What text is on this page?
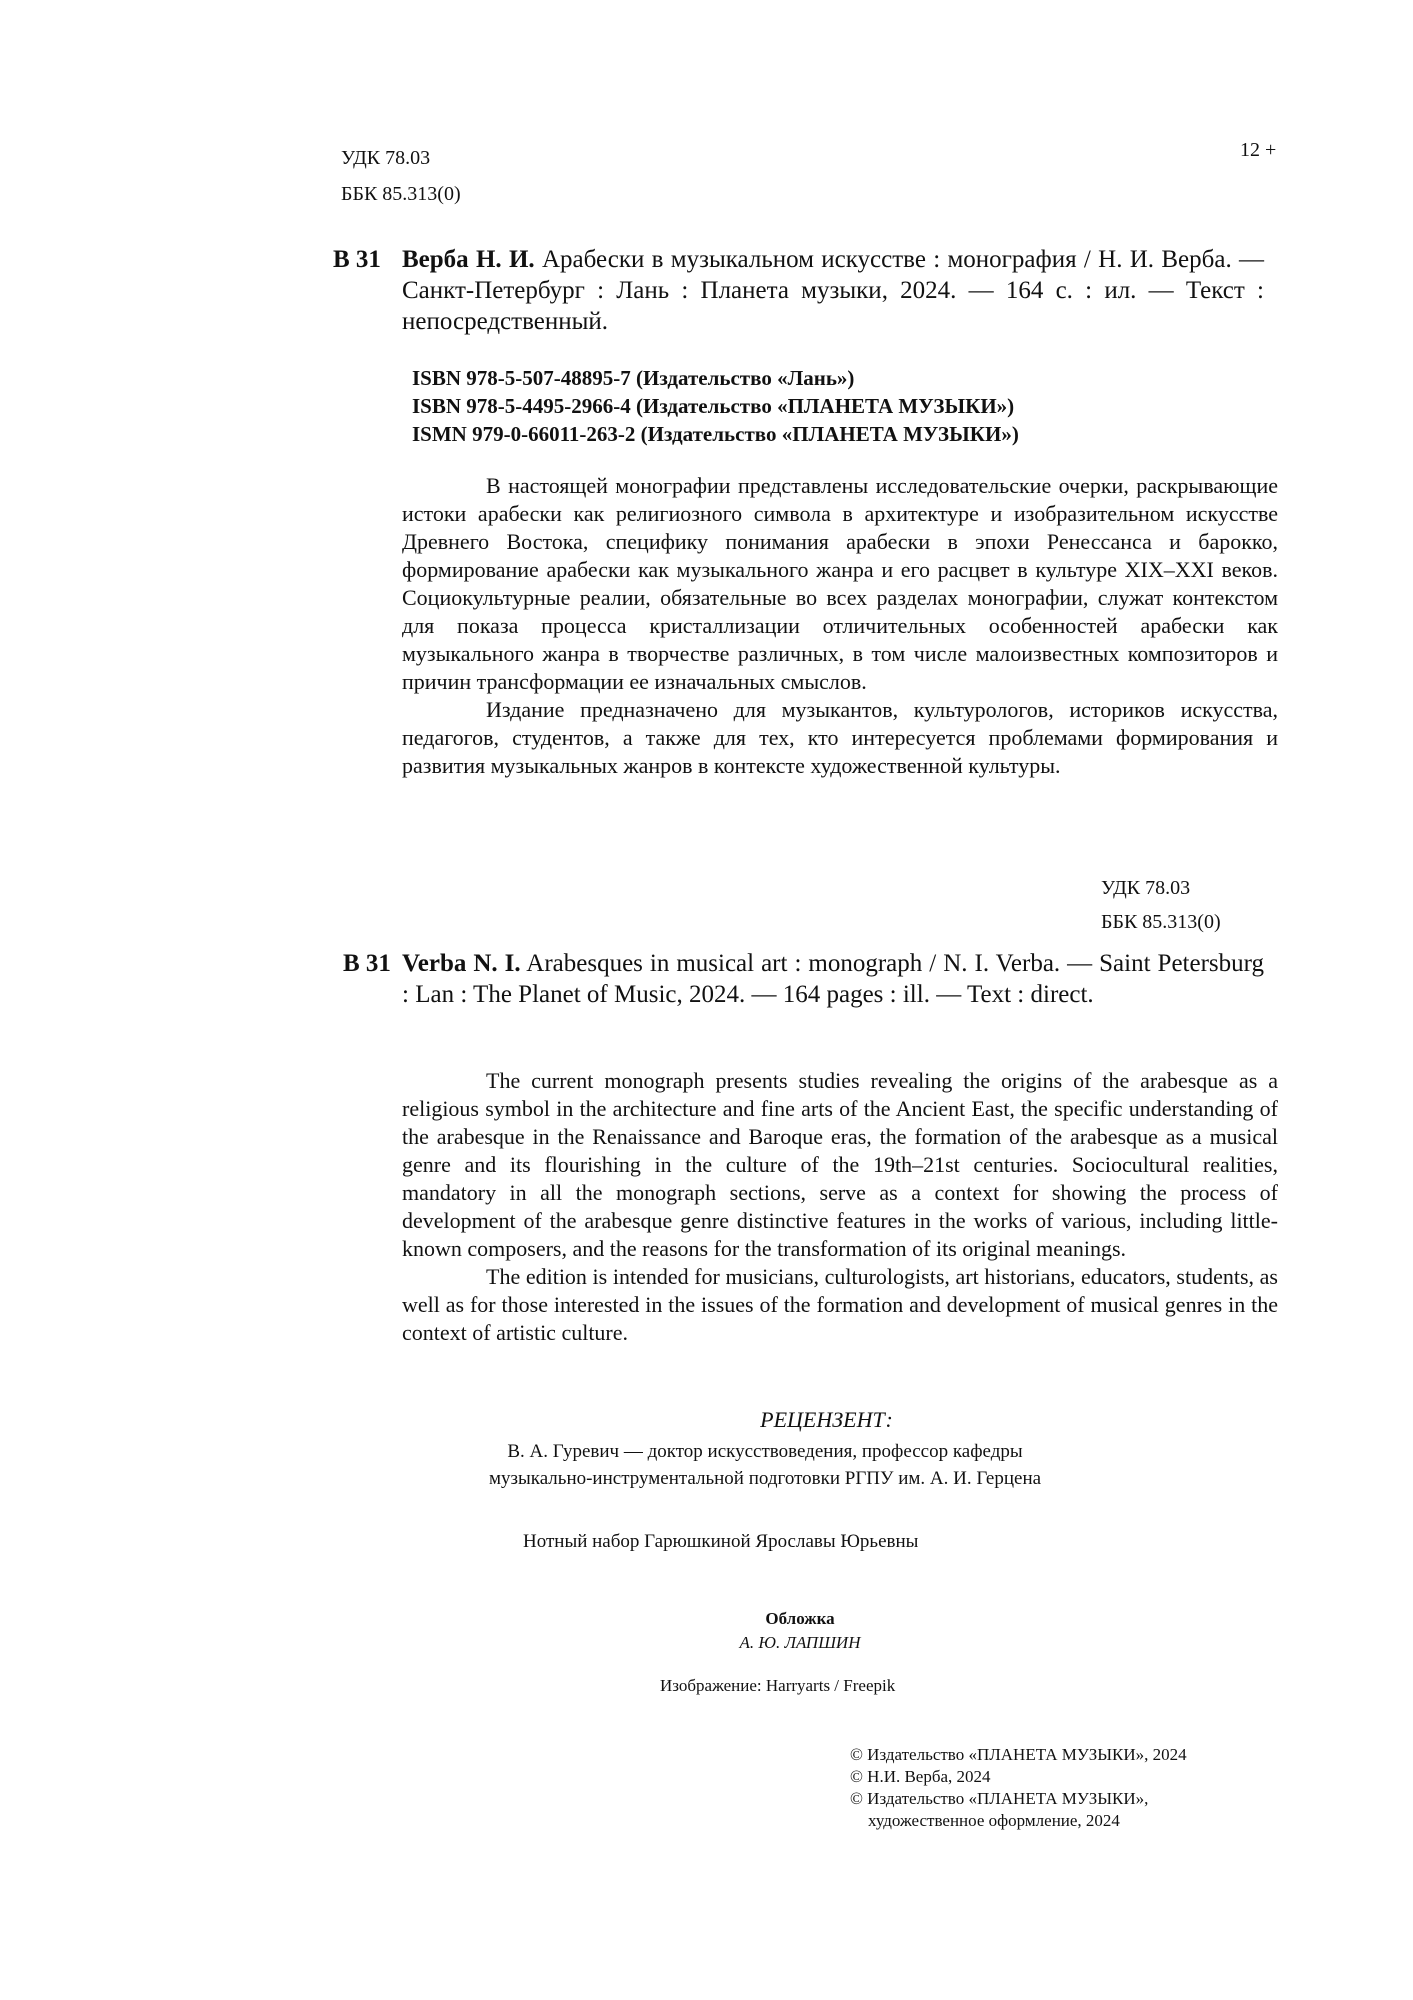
УДК 78.03
ББК 85.313(0)
12 +
В 31 Верба Н. И. Арабески в музыкальном искусстве : монография / Н. И. Верба. — Санкт-Петербург : Лань : Планета музыки, 2024. — 164 с. : ил. — Текст : непосредственный.
ISBN 978-5-507-48895-7 (Издательство «Лань»)
ISBN 978-5-4495-2966-4 (Издательство «ПЛАНЕТА МУЗЫКИ»)
ISMN 979-0-66011-263-2 (Издательство «ПЛАНЕТА МУЗЫКИ»)

В настоящей монографии представлены исследовательские очерки, раскрывающие истоки арабески как религиозного символа в архитектуре и изобразительном искусстве Древнего Востока, специфику понимания арабески в эпохи Ренессанса и барокко, формирование арабески как музыкального жанра и его расцвет в культуре XIX–XXI веков. Социокультурные реалии, обязательные во всех разделах монографии, служат контекстом для показа процесса кристаллизации отличительных особенностей арабески как музыкального жанра в творчестве различных, в том числе малоизвестных композиторов и причин трансформации ее изначальных смыслов.

Издание предназначено для музыкантов, культурологов, историков искусства, педагогов, студентов, а также для тех, кто интересуется проблемами формирования и развития музыкальных жанров в контексте художественной культуры.

УДК 78.03
ББК 85.313(0)
В 31 Verba N. I. Arabesques in musical art : monograph / N. I. Verba. — Saint Petersburg : Lan : The Planet of Music, 2024. — 164 pages : ill. — Text : direct.

The current monograph presents studies revealing the origins of the arabesque as a religious symbol in the architecture and fine arts of the Ancient East, the specific understanding of the arabesque in the Renaissance and Baroque eras, the formation of the arabesque as a musical genre and its flourishing in the culture of the 19th–21st centuries. Sociocultural realities, mandatory in all the monograph sections, serve as a context for showing the process of development of the arabesque genre distinctive features in the works of various, including little-known composers, and the reasons for the transformation of its original meanings.

The edition is intended for musicians, culturologists, art historians, educators, students, as well as for those interested in the issues of the formation and development of musical genres in the context of artistic culture.

РЕЦЕНЗЕНТ:
В. А. Гуревич — доктор искусствоведения, профессор кафедры
музыкально-инструментальной подготовки РГПУ им. А. И. Герцена
Нотный набор Гарюшкиной Ярославы Юрьевны
Обложка
А. Ю. ЛАПШИН
Изображение: Harryarts / Freepik
© Издательство «ПЛАНЕТА МУЗЫКИ», 2024
© Н.И. Верба, 2024
© Издательство «ПЛАНЕТА МУЗЫКИ»,
художественное оформление, 2024
